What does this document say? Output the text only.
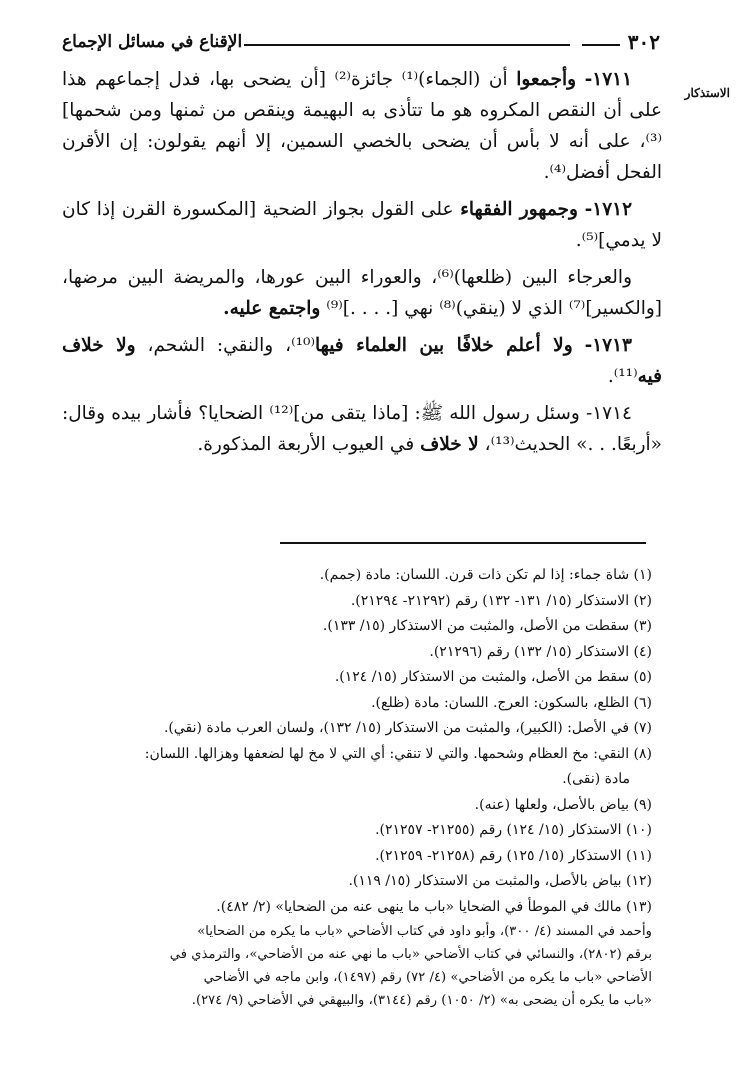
٣٠٢
الإقناع في مسائل الإجماع
الاستذكار

١٧١١- وأجمعوا أن (الجماء)⁽¹⁾ جائزة⁽²⁾ [أن يضحى بها، فدل إجماعهم هذا على أن النقص المكروه هو ما تتأذى به البهيمة وينقص من ثمنها ومن شحمها]⁽³⁾، على أنه لا بأس أن يضحى بالخصي السمين، إلا أنهم يقولون: إن الأقرن الفحل أفضل⁽⁴⁾.

١٧١٢- وجمهور الفقهاء على القول بجواز الضحية [المكسورة القرن إذا كان لا يدمي]⁽⁵⁾.

والعرجاء البين (ظلعها)⁽⁶⁾، والعوراء البين عورها، والمريضة البين مرضها، [والكسير]⁽⁷⁾ الذي لا (ينقي)⁽⁸⁾ نهي [. . . .]⁽⁹⁾ واجتمع عليه.

١٧١٣- ولا أعلم خلافًا بين العلماء فيها⁽¹⁰⁾، والنقي: الشحم، ولا خلاف فيه⁽¹¹⁾.

١٧١٤- وسئل رسول الله ﷺ: [ماذا يتقى من]⁽¹²⁾ الضحايا؟ فأشار بيده وقال: «أربعًا. . .» الحديث⁽¹³⁾، لا خلاف في العيوب الأربعة المذكورة.

(١) شاة جماء: إذا لم تكن ذات قرن. اللسان: مادة (جمم).

(٢) الاستذكار (١٥/ ١٣١- ١٣٢) رقم (٢١٢٩٢- ٢١٢٩٤).

(٣) سقطت من الأصل، والمثبت من الاستذكار (١٥/ ١٣٣).

(٤) الاستذكار (١٥/ ١٣٢) رقم (٢١٢٩٦).

(٥) سقط من الأصل، والمثبت من الاستذكار (١٥/ ١٢٤).

(٦) الظلع، بالسكون: العرج. اللسان: مادة (ظلع).

(٧) في الأصل: (الكبير)، والمثبت من الاستذكار (١٥/ ١٣٢)، ولسان العرب مادة (نقي).

(٨) النقي: مخ العظام وشحمها. والتي لا تنقي: أي التي لا مخ لها لضعفها وهزالها. اللسان:

مادة (نقى).

(٩) بياض بالأصل، ولعلها (عنه).

(١٠) الاستذكار (١٥/ ١٢٤) رقم (٢١٢٥٥- ٢١٢٥٧).

(١١) الاستذكار (١٥/ ١٢٥) رقم (٢١٢٥٨- ٢١٢٥٩).

(١٢) بياض بالأصل، والمثبت من الاستذكار (١٥/ ١١٩).

(١٣) مالك في الموطأ في الضحايا «باب ما ينهى عنه من الضحايا» (٢/ ٤٨٢).

وأحمد في المسند (٤/ ٣٠٠)، وأبو داود في كتاب الأضاحي «باب ما يكره من الضحايا»

برقم (٢٨٠٢)، والنسائي في كتاب الأضاحي «باب ما نهي عنه من الأضاحي»، والترمذي في

الأضاحي «باب ما يكره من الأضاحي» (٤/ ٧٢) رقم (١٤٩٧)، وابن ماجه في الأضاحي

«باب ما يكره أن يضحى به» (٢/ ١٠٥٠) رقم (٣١٤٤)، والبيهقي في الأضاحي (٩/ ٢٧٤).
